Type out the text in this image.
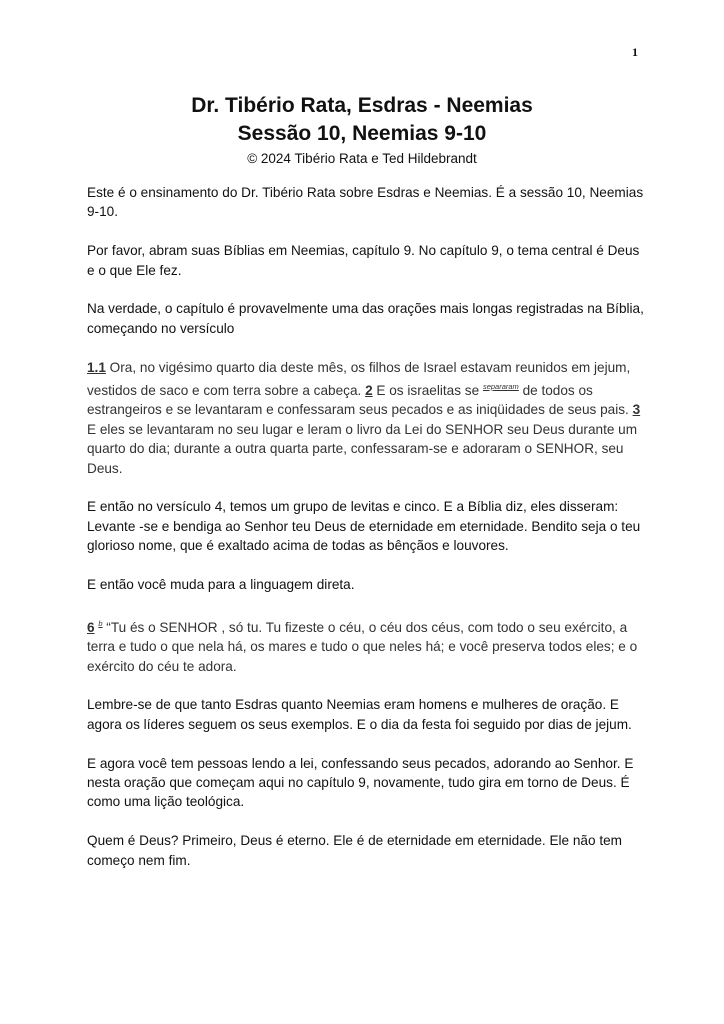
1
Dr. Tibério Rata, Esdras - Neemias
Sessão 10, Neemias 9-10
© 2024 Tibério Rata e Ted Hildebrandt

Este é o ensinamento do Dr. Tibério Rata sobre Esdras e Neemias. É a sessão 10, Neemias 9-10.

Por favor, abram suas Bíblias em Neemias, capítulo 9. No capítulo 9, o tema central é Deus e o que Ele fez.

Na verdade, o capítulo é provavelmente uma das orações mais longas registradas na Bíblia, começando no versículo

1.1 Ora, no vigésimo quarto dia deste mês, os filhos de Israel estavam reunidos em jejum, vestidos de saco e com terra sobre a cabeça. 2 E os israelitas se $^{separaram}$ de todos os estrangeiros e se levantaram e confessaram seus pecados e as iniqüidades de seus pais. 3 E eles se levantaram no seu lugar e leram o livro da Lei do SENHOR seu Deus durante um quarto do dia; durante a outra quarta parte, confessaram-se e adoraram o SENHOR, seu Deus.

E então no versículo 4, temos um grupo de levitas e cinco. E a Bíblia diz, eles disseram: Levante -se e bendiga ao Senhor teu Deus de eternidade em eternidade. Bendito seja o teu glorioso nome, que é exaltado acima de todas as bênçãos e louvores.

E então você muda para a linguagem direta.

6 $^b$ “Tu és o SENHOR , só tu. Tu fizeste o céu, o céu dos céus, com todo o seu exército, a terra e tudo o que nela há, os mares e tudo o que neles há; e você preserva todos eles; e o exército do céu te adora.

Lembre-se de que tanto Esdras quanto Neemias eram homens e mulheres de oração. E agora os líderes seguem os seus exemplos. E o dia da festa foi seguido por dias de jejum.

E agora você tem pessoas lendo a lei, confessando seus pecados, adorando ao Senhor. E nesta oração que começam aqui no capítulo 9, novamente, tudo gira em torno de Deus. É como uma lição teológica.

Quem é Deus? Primeiro, Deus é eterno. Ele é de eternidade em eternidade. Ele não tem começo nem fim.
